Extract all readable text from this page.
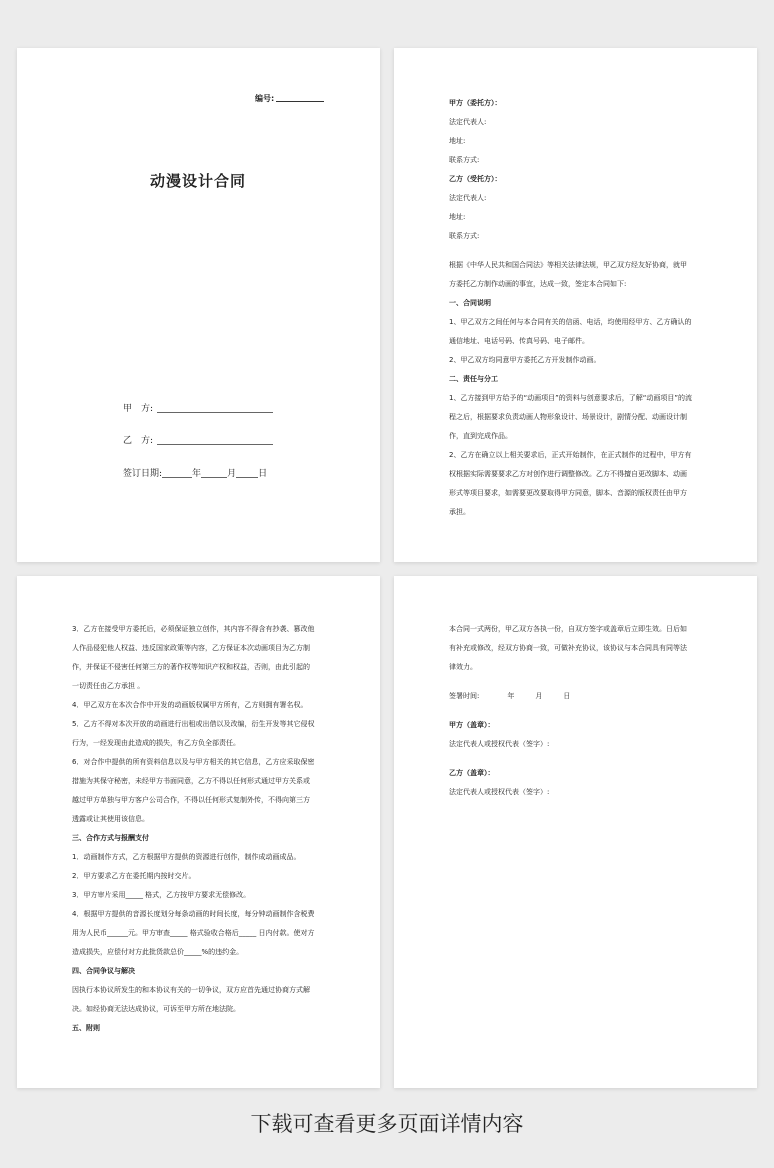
编号:
动漫设计合同
甲　方:
乙　方:
签订日期:	年	月 日

甲方（委托方）：

法定代表人:

地址:

联系方式:

乙方（受托方）：

法定代表人:

地址:

联系方式:

根据《中华人民共和国合同法》等相关法律法规，甲乙双方经友好协商，就甲

方委托乙方制作动画的事宜，达成一致，签定本合同如下:

一、合同说明

1、甲乙双方之间任何与本合同有关的信函、电话，均使用经甲方、乙方确认的

通信地址、电话号码、传真号码、电子邮件。

2、甲乙双方均同意甲方委托乙方开发制作动画。

二、责任与分工

1、乙方接到甲方给予的“动画项目”的资料与创意要求后，了解“动画项目”的流

程之后，根据要求负责动画人物形象设计、场景设计，剧情分配、动画设计制

作，直到完成作品。

2、乙方在确立以上相关要求后，正式开始制作，在正式制作的过程中，甲方有

权根据实际需要要求乙方对创作进行调整修改。乙方不得擅自更改脚本、动画

形式等项目要求，如需要更改要取得甲方同意，脚本、音源的版权责任由甲方

承担。

3．乙方在接受甲方委托后，必须保证独立创作，其内容不得含有抄袭、篡改他

人作品侵犯他人权益、违反国家政策等内容，乙方保证本次动画项目为乙方制

作，并保证不侵害任何第三方的著作权等知识产权和权益，否则，由此引起的

一切责任由乙方承担 。

4．甲乙双方在本次合作中开发的动画版权属甲方所有，乙方则拥有署名权。

5．乙方不得对本次开放的动画进行出租或出借以及改编，衍生开发等其它侵权

行为，一经发现由此造成的损失，有乙方负全部责任。

6．对合作中提供的所有资料信息以及与甲方相关的其它信息，乙方应采取保密

措施为其保守秘密，未经甲方书面同意，乙方不得以任何形式通过甲方关系或

越过甲方单独与甲方客户公司合作，不得以任何形式复制外传，不得向第三方

透露或让其使用该信息。

三、合作方式与报酬支付

1．动画制作方式，乙方根据甲方提供的资源进行创作，制作成动画成品。

2．甲方要求乙方在委托期内按时交片。

3．甲方审片采用_____ 格式，乙方按甲方要求无偿修改。

4．根据甲方提供的音源长度划分每条动画的时间长度，每分钟动画制作含税费

用为人民币______元。甲方审查_____ 格式验收合格后_____ 日内付款。使对方

造成损失，应偿付对方此批货款总价_____%的违约金。

四、合同争议与解决

因执行本协议所发生的和本协议有关的一切争议，双方应首先通过协商方式解

决。如经协商无法达成协议，可诉至甲方所在地法院。

五、附则

本合同一式两份，甲乙双方各执一份，自双方签字或盖章后立即生效。日后如

有补充或修改，经双方协商一致，可做补充协议，该协议与本合同具有同等法

律效力。

签署时间:　　　　年　　　月　　　日

甲方（盖章）：

法定代表人或授权代表（签字）:

乙方（盖章）：

法定代表人或授权代表（签字）:

下载可查看更多页面详情内容
